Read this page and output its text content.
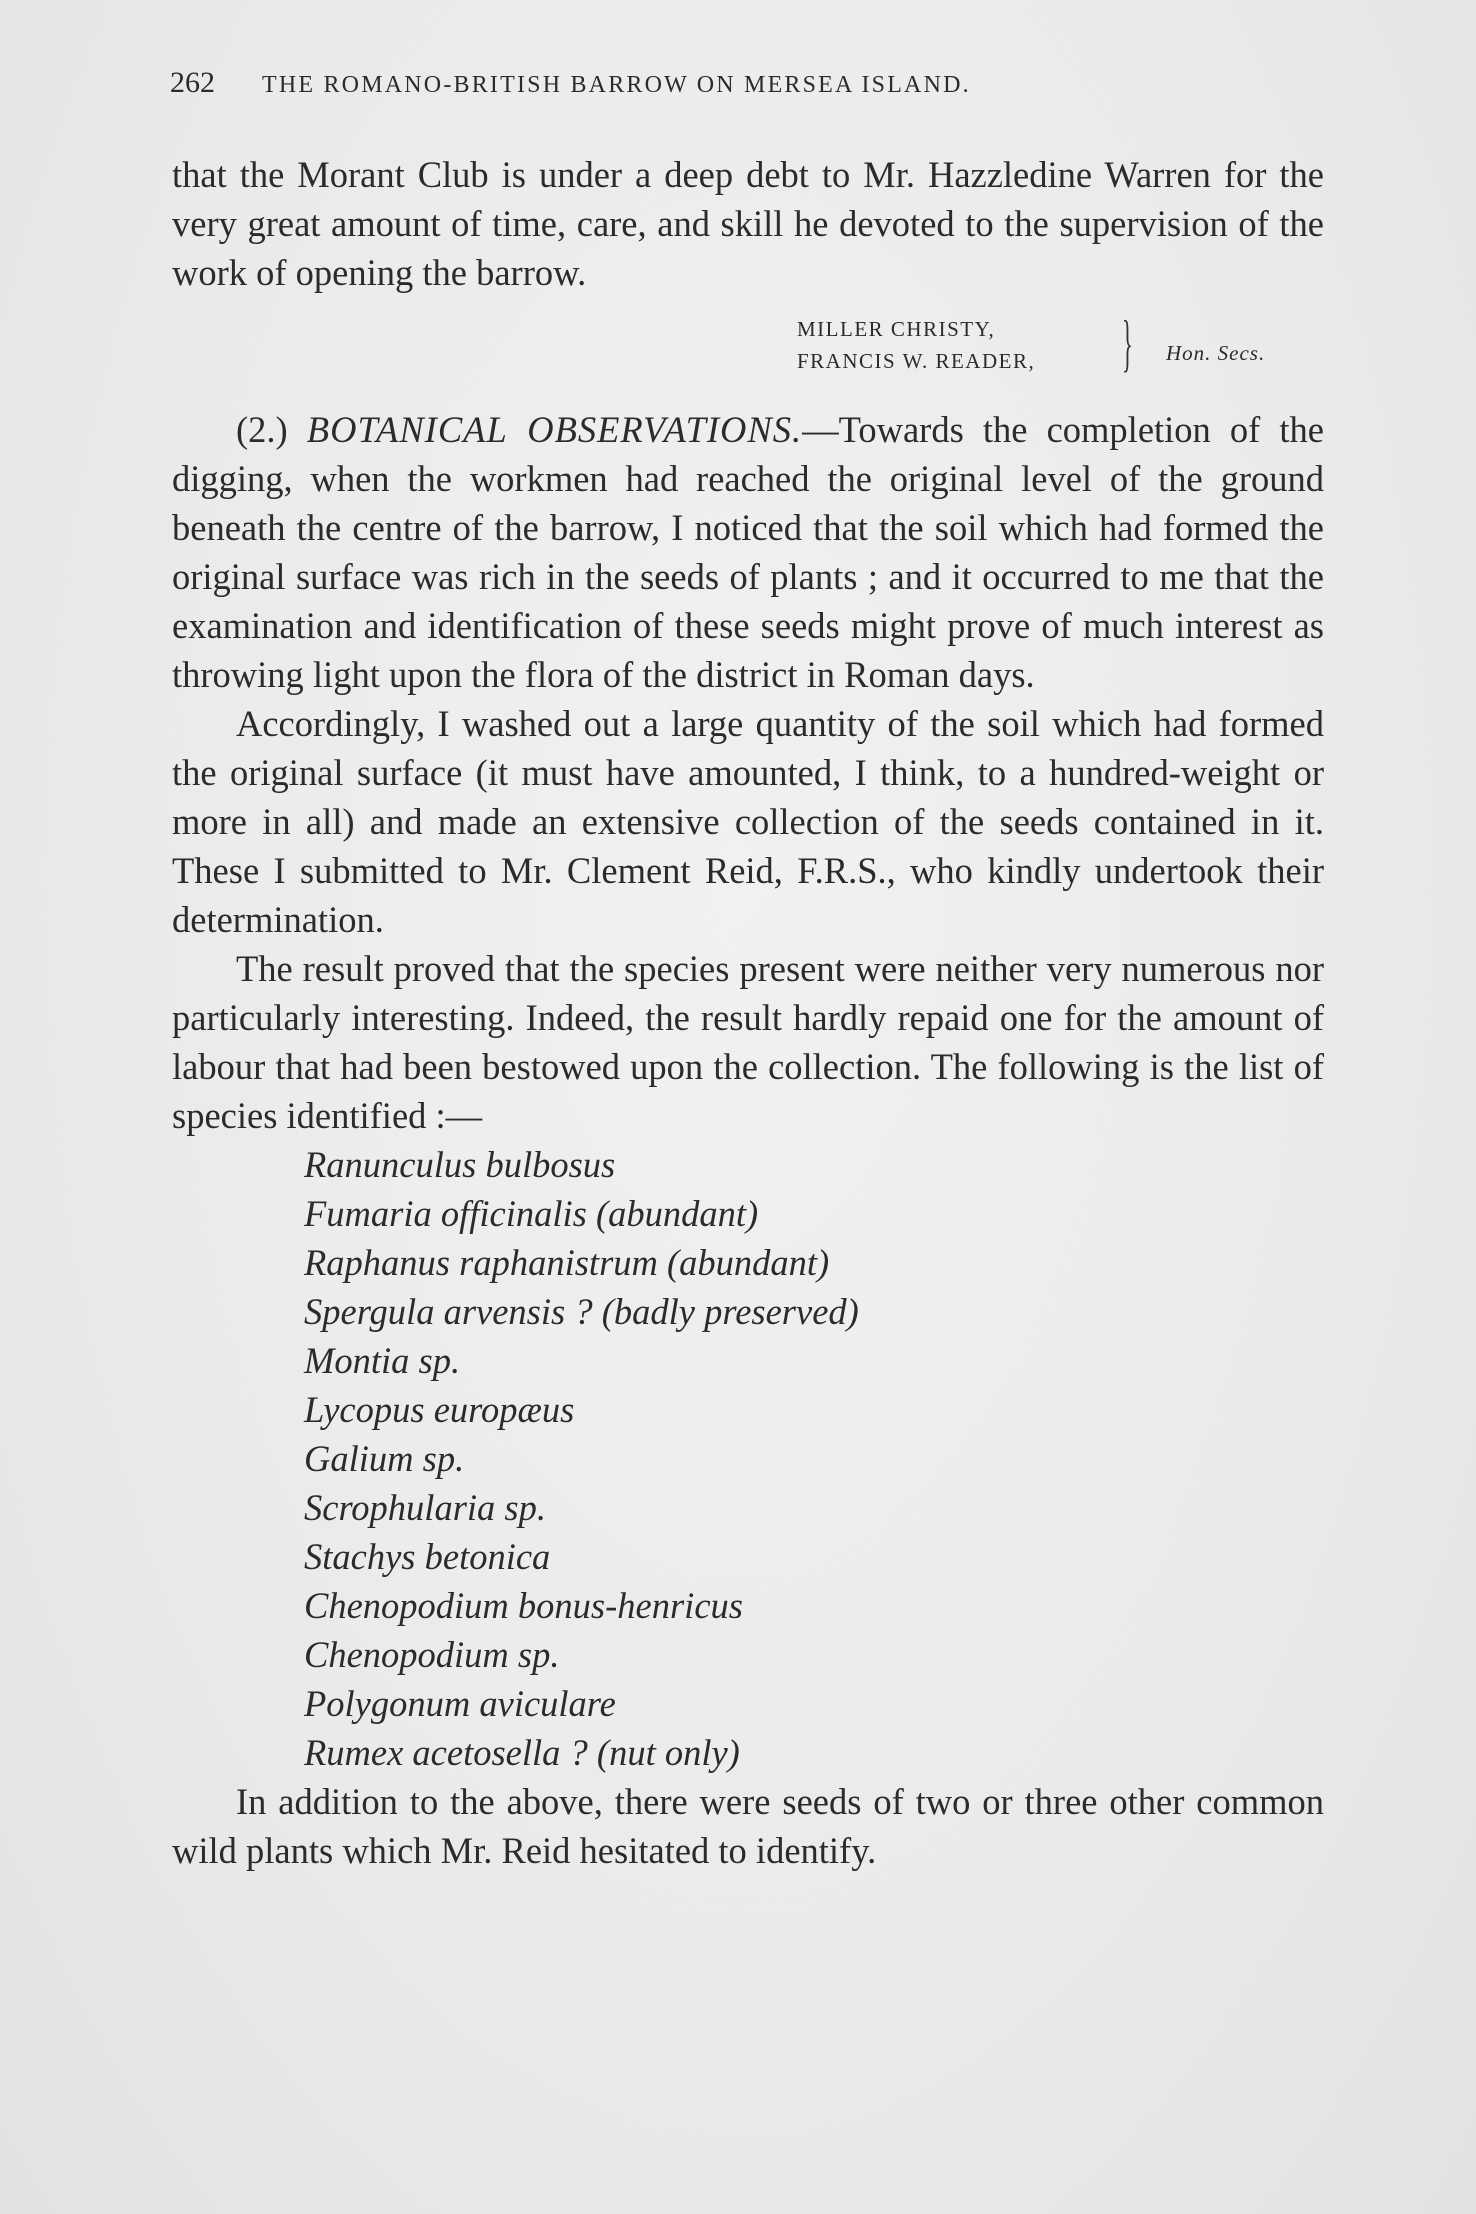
262 THE ROMANO-BRITISH BARROW ON MERSEA ISLAND.

that the Morant Club is under a deep debt to Mr. Hazzledine Warren for the very great amount of time, care, and skill he devoted to the supervision of the work of opening the barrow.

MILLER CHRISTY,
FRANCIS W. READER, } Hon. Secs.

(2.) BOTANICAL OBSERVATIONS.—Towards the completion of the digging, when the workmen had reached the original level of the ground beneath the centre of the barrow, I noticed that the soil which had formed the original surface was rich in the seeds of plants ; and it occurred to me that the examination and identification of these seeds might prove of much interest as throwing light upon the flora of the district in Roman days.

Accordingly, I washed out a large quantity of the soil which had formed the original surface (it must have amounted, I think, to a hundred-weight or more in all) and made an extensive collection of the seeds contained in it. These I submitted to Mr. Clement Reid, F.R.S., who kindly undertook their determination.

The result proved that the species present were neither very numerous nor particularly interesting. Indeed, the result hardly repaid one for the amount of labour that had been bestowed upon the collection. The following is the list of species identified :—

Ranunculus bulbosus
Fumaria officinalis (abundant)
Raphanus raphanistrum (abundant)
Spergula arvensis ? (badly preserved)
Montia sp.
Lycopus europæus
Galium sp.
Scrophularia sp.
Stachys betonica
Chenopodium bonus-henricus
Chenopodium sp.
Polygonum aviculare
Rumex acetosella ? (nut only)

In addition to the above, there were seeds of two or three other common wild plants which Mr. Reid hesitated to identify.
